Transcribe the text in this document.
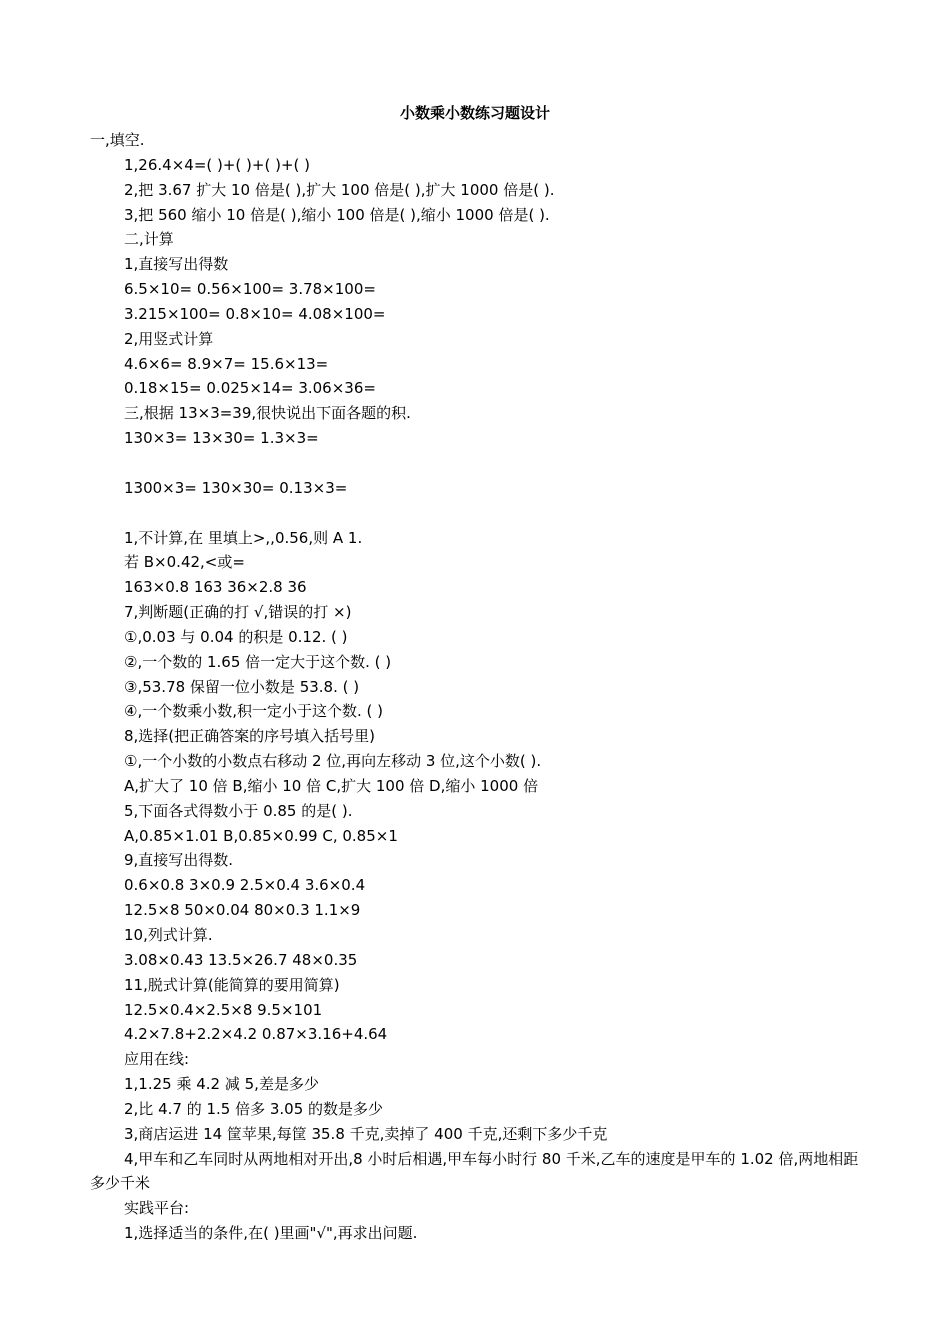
小数乘小数练习题设计
一,填空.
1,26.4×4=( )+( )+( )+( )
2,把 3.67 扩大 10 倍是( ),扩大 100 倍是( ),扩大 1000 倍是( ).
3,把 560 缩小 10 倍是( ),缩小 100 倍是( ),缩小 1000 倍是( ).
二,计算
1,直接写出得数
6.5×10= 0.56×100= 3.78×100=
3.215×100= 0.8×10= 4.08×100=
2,用竖式计算
4.6×6= 8.9×7= 15.6×13=
0.18×15= 0.025×14= 3.06×36=
三,根据 13×3=39,很快说出下面各题的积.
130×3= 13×30= 1.3×3=
1300×3= 130×30= 0.13×3=
1,不计算,在 里填上>,,0.56,则 A 1.
若 B×0.42,<或=
163×0.8 163 36×2.8 36
7,判断题(正确的打 √,错误的打 ×)
①,0.03 与 0.04 的积是 0.12. ( )
②,一个数的 1.65 倍一定大于这个数. ( )
③,53.78 保留一位小数是 53.8. ( )
④,一个数乘小数,积一定小于这个数. ( )
8,选择(把正确答案的序号填入括号里)
①,一个小数的小数点右移动 2 位,再向左移动 3 位,这个小数( ).
A,扩大了 10 倍 B,缩小 10 倍 C,扩大 100 倍 D,缩小 1000 倍
5,下面各式得数小于 0.85 的是( ).
A,0.85×1.01 B,0.85×0.99 C, 0.85×1
9,直接写出得数.
0.6×0.8 3×0.9 2.5×0.4 3.6×0.4
12.5×8 50×0.04 80×0.3 1.1×9
10,列式计算.
3.08×0.43 13.5×26.7 48×0.35
11,脱式计算(能简算的要用简算)
12.5×0.4×2.5×8 9.5×101
4.2×7.8+2.2×4.2 0.87×3.16+4.64
应用在线:
1,1.25 乘 4.2 减 5,差是多少
2,比 4.7 的 1.5 倍多 3.05 的数是多少
3,商店运进 14 筐苹果,每筐 35.8 千克,卖掉了 400 千克,还剩下多少千克
4,甲车和乙车同时从两地相对开出,8 小时后相遇,甲车每小时行 80 千米,乙车的速度是甲车的 1.02 倍,两地相距多少千米
实践平台:
1,选择适当的条件,在( )里画"√",再求出问题.
